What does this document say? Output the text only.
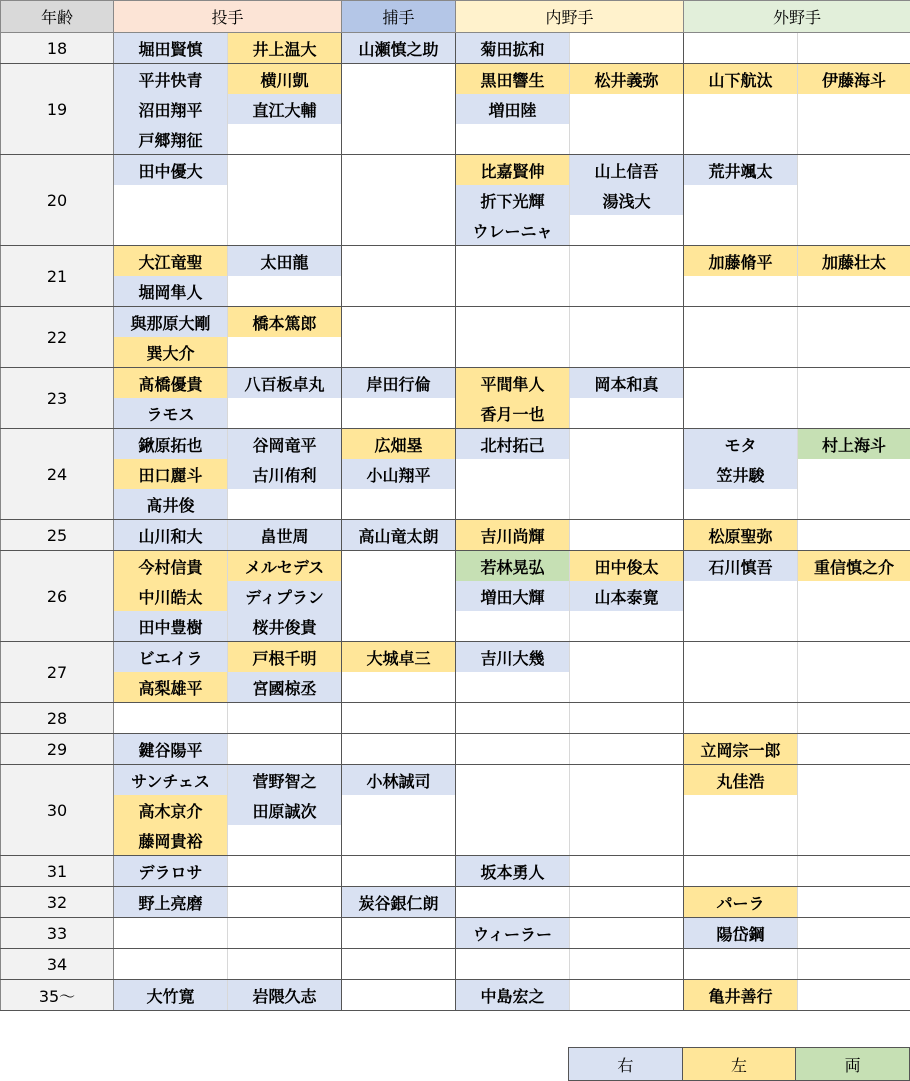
年齢	投手		捕手	内野手		外野手	
18	堀田賢慎	井上温大	山瀬慎之助	菊田拡和			
19	平井快青	横川凱		黒田響生	松井義弥	山下航汰	伊藤海斗
	沼田翔平	直江大輔		増田陸			
	戸郷翔征						
20	田中優大			比嘉賢伸	山上信吾	荒井颯太	
				折下光輝	湯浅大		
				ウレーニャ			
21	大江竜聖	太田龍				加藤脩平	加藤壮太
	堀岡隼人						
22	與那原大剛	橋本篤郎					
	巽大介						
23	髙橋優貴	八百板卓丸	岸田行倫	平間隼人	岡本和真		
	ラモス			香月一也			
24	鍬原拓也	谷岡竜平	広畑塁	北村拓己		モタ	村上海斗
	田口麗斗	古川侑利	小山翔平			笠井駿	
	髙井俊						
25	山川和大	畠世周	高山竜太朗	吉川尚輝		松原聖弥	
26	今村信貴	メルセデス		若林晃弘	田中俊太	石川慎吾	重信慎之介
	中川皓太	ディプラン		増田大輝	山本泰寛		
	田中豊樹	桜井俊貴					
27	ビエイラ	戸根千明	大城卓三	吉川大幾			
	高梨雄平	宮國椋丞					
28							
29	鍵谷陽平					立岡宗一郎	
30	サンチェス	菅野智之	小林誠司			丸佳浩	
	高木京介	田原誠次					
	藤岡貴裕						
31	デラロサ			坂本勇人			
32	野上亮磨		炭谷銀仁朗			パーラ	
33				ウィーラー		陽岱鋼	
34							
35〜	大竹寛	岩隈久志		中島宏之		亀井善行	
右	左	両
